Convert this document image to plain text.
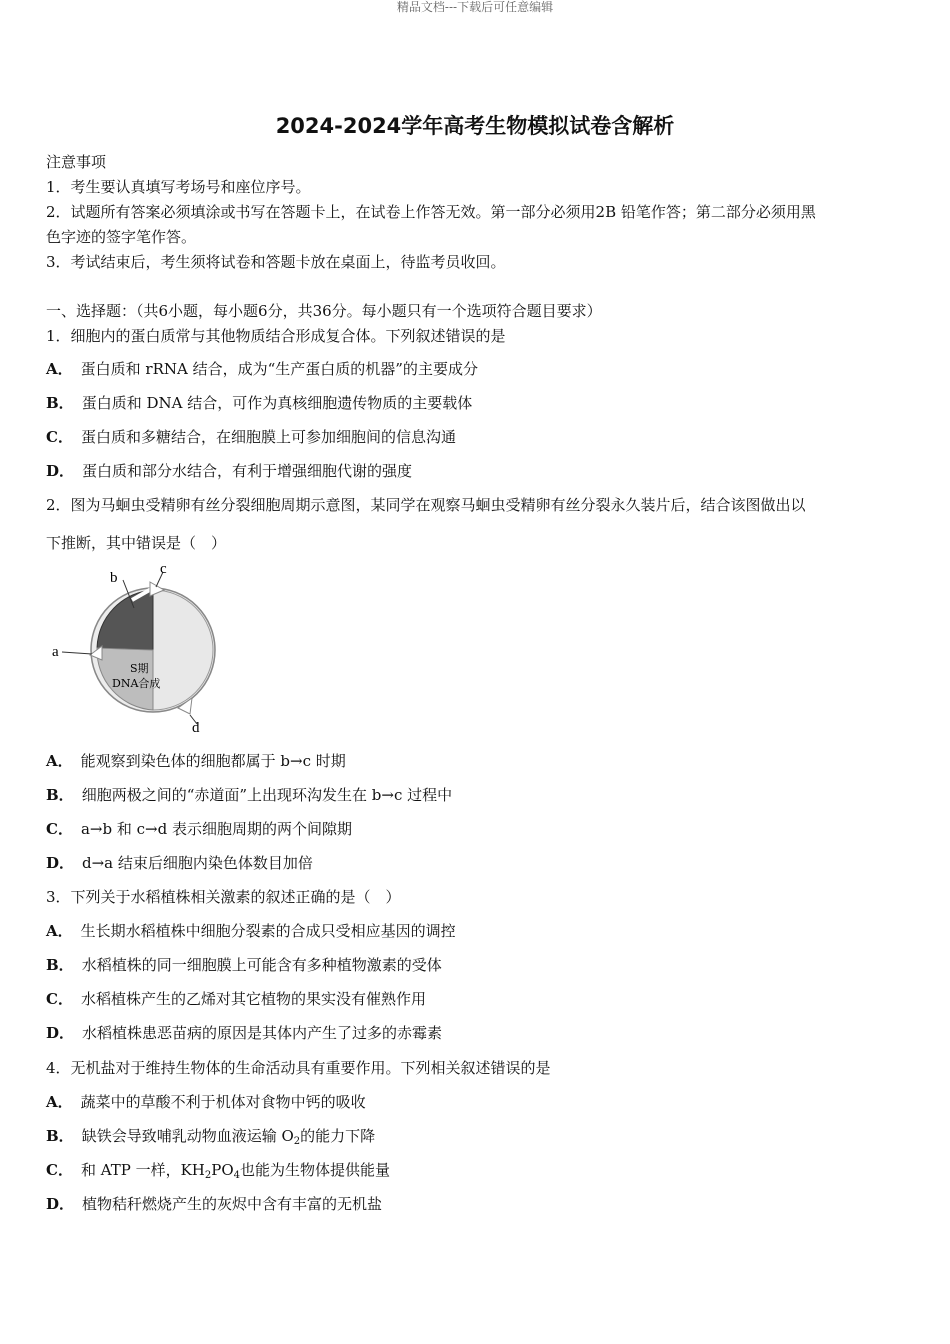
精品文档---下载后可任意编辑
2024-2024学年高考生物模拟试卷含解析
注意事项
1．考生要认真填写考场号和座位序号。
2．试题所有答案必须填涂或书写在答题卡上，在试卷上作答无效。第一部分必须用2B 铅笔作答；第二部分必须用黑
色字迹的签字笔作答。
3．考试结束后，考生须将试卷和答题卡放在桌面上，待监考员收回。
一、选择题：（共6小题，每小题6分，共36分。每小题只有一个选项符合题目要求）
1．细胞内的蛋白质常与其他物质结合形成复合体。下列叙述错误的是
A． 蛋白质和 rRNA 结合，成为“生产蛋白质的机器”的主要成分
B． 蛋白质和 DNA 结合，可作为真核细胞遗传物质的主要载体
C． 蛋白质和多糖结合，在细胞膜上可参加细胞间的信息沟通
D． 蛋白质和部分水结合，有利于增强细胞代谢的强度
2．图为马蛔虫受精卵有丝分裂细胞周期示意图，某同学在观察马蛔虫受精卵有丝分裂永久装片后，结合该图做出以
下推断，其中错误是（　）
b
c
a
d
S期
DNA合成
A． 能观察到染色体的细胞都属于 b→c 时期
B． 细胞两极之间的“赤道面”上出现环沟发生在 b→c 过程中
C． a→b 和 c→d 表示细胞周期的两个间隙期
D． d→a 结束后细胞内染色体数目加倍
3．下列关于水稻植株相关激素的叙述正确的是（　）
A． 生长期水稻植株中细胞分裂素的合成只受相应基因的调控
B． 水稻植株的同一细胞膜上可能含有多种植物激素的受体
C． 水稻植株产生的乙烯对其它植物的果实没有催熟作用
D． 水稻植株患恶苗病的原因是其体内产生了过多的赤霉素
4．无机盐对于维持生物体的生命活动具有重要作用。下列相关叙述错误的是
A． 蔬菜中的草酸不利于机体对食物中钙的吸收
B． 缺铁会导致哺乳动物血液运输 $O_2$的能力下降
C． 和 ATP 一样，$KH_2PO_4$也能为生物体提供能量
D． 植物秸秆燃烧产生的灰烬中含有丰富的无机盐
